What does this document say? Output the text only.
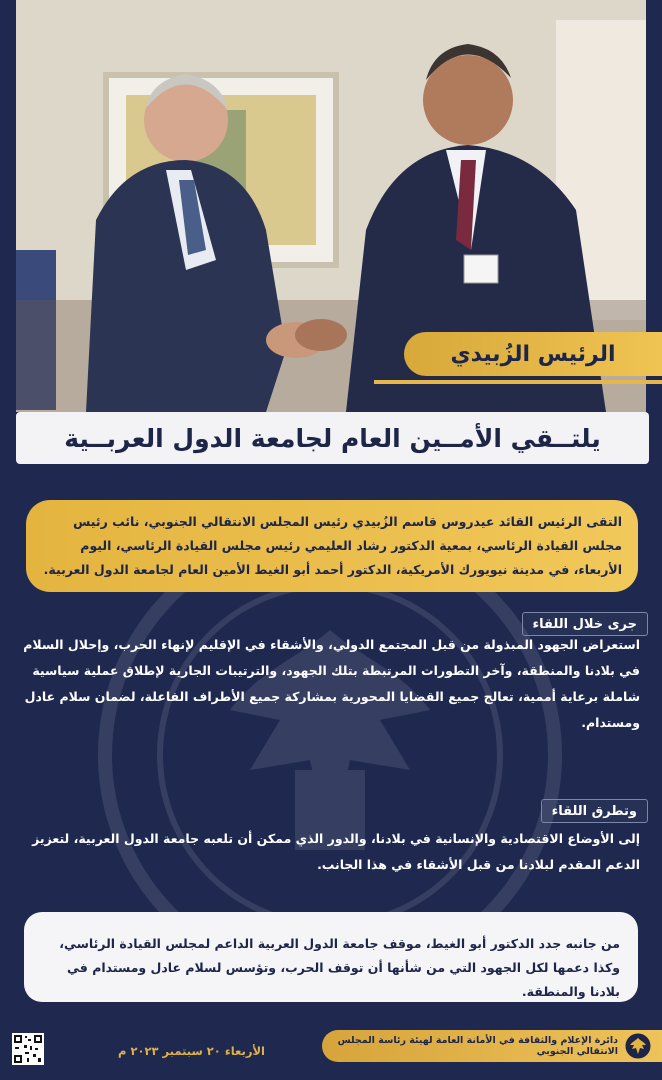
الرئيس الزُبيدي
يلتــقي الأمــين العام لجامعة الدول العربــية
التقى الرئيس القائد عيدروس قاسم الزُبيدي رئيس المجلس الانتقالي الجنوبي، نائب رئيس مجلس القيادة الرئاسي، بمعية الدكتور رشاد العليمي رئيس مجلس القيادة الرئاسي، اليوم الأربعاء، في مدينة نيويورك الأمريكية، الدكتور أحمد أبو الغيط الأمين العام لجامعة الدول العربية.
جرى خلال اللقاء
استعراض الجهود المبذولة من قبل المجتمع الدولي، والأشقاء في الإقليم لإنهاء الحرب، وإحلال السلام في بلادنا والمنطقة، وآخر التطورات المرتبطة بتلك الجهود، والترتيبات الجارية لإطلاق عملية سياسية شاملة برعاية أممية، تعالج جميع القضايا المحورية بمشاركة جميع الأطراف الفاعلة، لضمان سلام عادل ومستدام.
وتطرق اللقاء
إلى الأوضاع الاقتصادية والإنسانية في بلادنا، والدور الذي ممكن أن تلعبه جامعة الدول العربية، لتعزيز الدعم المقدم لبلادنا من قبل الأشقاء في هذا الجانب.
من جانبه جدد الدكتور أبو الغيط، موقف جامعة الدول العربية الداعم لمجلس القيادة الرئاسي، وكذا دعمها لكل الجهود التي من شأنها أن توقف الحرب، وتؤسس لسلام عادل ومستدام في بلادنا والمنطقة.
الأربعاء ٢٠ سبتمبر ٢٠٢٣ م
دائرة الإعلام والثقافة في الأمانة العامة لهيئة رئاسة المجلس الانتقالي الجنوبي
